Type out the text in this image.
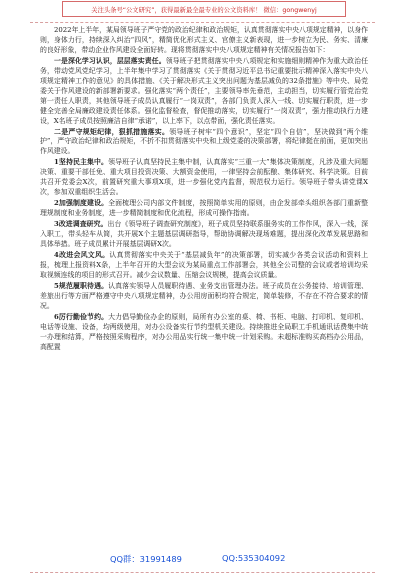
关注头条号“公文研究”，获得最新最全最专业的公文资料库！ 微信：gongwenyj

2022年上半年，某局领导班子严守党的政治纪律和政治规矩，认真贯彻落实中央八项规定精神，以身作则，身体力行，持续深入纠治“四风”，精简优化形式主义、官僚主义新表现，进一步树立为民、务实、清廉的良好形象，带动企业作风建设全面好转。现将贯彻落实中央八项规定精神有关情况报告如下：

一是深化学习认识，层层落实责任。领导班子把贯彻落实中央八项规定和实施细则精神作为重大政治任务，带动党风党纪学习，上半年集中学习了贯彻落实《关于贯彻习近平总书记重要批示精神深入落实中央八项规定精神工作的意见》的具体措施、《关于解决形式主义突出问题为基层减负的32条措施》等中央、局党委关于作风建设的新部署新要求。强化落实“两个责任”，主要领导率先垂范，主动担当，切实履行管党治党第一责任人职责，其他领导班子成员认真履行“一岗双责”，各部门负责人深入一线、切实履行职责，进一步健全完善全局廉政建设责任体系。强化监督检查，督促推动落实，切实履行“一岗双责”，强力推动执行力建设，X名班子成员按照廉洁自律“承诺”，以上率下，以点带面，强化责任落实。

二是严守规矩纪律，狠抓措施落实。领导班子树牢“四个意识”，坚定“四个自信”，坚决做到“两个维护”，严守政治纪律和政治规矩，不折不扣贯彻落实中央和上级党委的决策部署，将纪律挺在前面，更加突出作风建设。

1坚持民主集中。领导班子认真坚持民主集中制，认真落实“三重一大”集体决策制度，凡涉及重大问题决策、重要干部任免、重大项目投资决策、大额资金使用，一律坚持会前酝酿、集体研究、科学决策。目前共召开党委会X次，前置研究重大事项X项，进一步强化党内监督，规范权力运行。领导班子带头讲党课X次，参加双重组织生活会。

2加强制度建设。全面梳理公司内部文件制度，按照简单实用的原则，由企发部牵头组织各部门重新整理规制度和业务制度，进一步精简制度和优化流程，形成可操作指南。

3改进调查研究。出台《领导班子调查研究制度》，班子成员坚持联系服务实的工作作风，深入一线，深入职工，带头轻车从简，共开展X个主题基层调研指导，帮助协调解决现场难题，提出深化改革发展思路和具体举措。班子成员累计开展基层调研X次。

4改进会风文风。认真贯彻落实中央关于“基层减负年”的决策部署，切实减少各类会议活动和资料上报，梳理上报资料X条，上半年召开的大型会议为某局重点工作部署会，其他全公司整的会议或者培训均采取视频连线的项目的形式召开。减少会议数量、压缩会议规模，提高会议质量。

5规范履职待遇。认真落实领导人员履职待遇、业务支出管理办法。班子成员在公务接待、培训管理、差旅出行等方面严格遵守中央八项规定精神，办公用房面积均符合规定，简单装修，不存在不符合要求的情况。

6厉行勤俭节约。大力倡导勤俭办企的原则，局所有办公室的桌、椅、书柜、电脑、打印机、复印机、电话等设施、设备，均两级使用，对办公设备实行节约型机关建设。持续推进全局职工手机通讯话费集中统一办理和结算，严格按照采购程序，对办公用品实行统一集中统一计划采购。未超标准购买高档办公用品，高配置

QQ群：31991489	QQ:535304092
